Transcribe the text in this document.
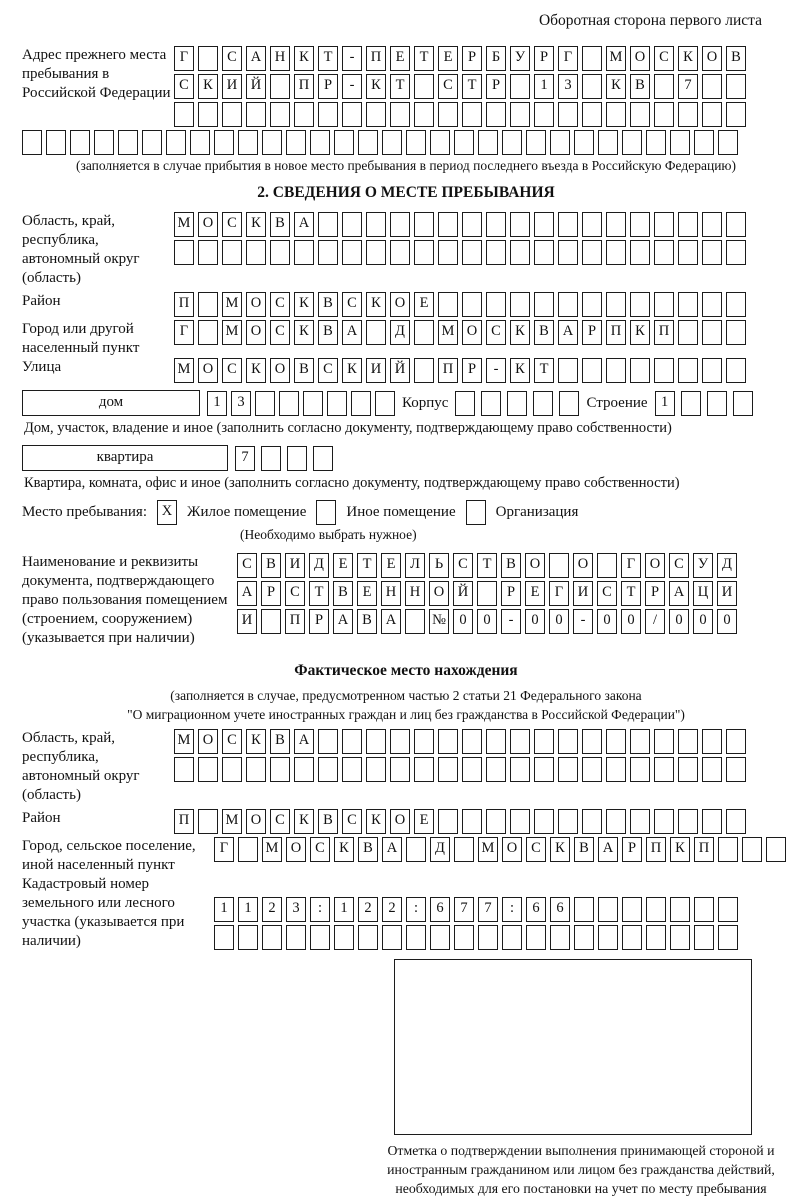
Оборотная сторона первого листа
Адрес прежнего места пребывания в Российской Федерации
Г	С А Н К	Т	-	П Е	Т	Е	Р	Б	У	Р	Г	М О С К О В
С К И Й	П	Р	-	К	Т	С	Т	Р	1	3	К В	7
(заполняется в случае прибытия в новое место пребывания в период последнего въезда в Российскую Федерацию)
2. СВЕДЕНИЯ О МЕСТЕ ПРЕБЫВАНИЯ
Область, край, республика, автономный округ (область)
М О С К В А
Район	П	М О С К В С К О Е
Город или другой населенный пункт
Г	М О С К В А	Д	М О С К В А	Р	П К П
Улица	М О С К О В С К И Й	П	Р	-	К	Т
дом	1	3	Корпус	Строение 1
Дом, участок, владение и иное (заполнить согласно документу, подтверждающему право собственности)
квартира	7
Квартира, комната, офис и иное (заполнить согласно документу, подтверждающему право собственности)
Место пребывания:	X Жилое помещение	Иное помещение	Организация
(Необходимо выбрать нужное)
Наименование и реквизиты документа, подтверждающего право пользования помещением (строением, сооружением) (указывается при наличии)
С В И Д	Е	Т	Е	Л	Ь	С	Т	В О	О	Г	О С У Д
А	Р	С	Т	В	Е Н Н О Й	Р	Е	Г	И С	Т	Р	А Ц И
И	П	Р	А В А	№ 0	0	-	0	0	-	0	0	/	0	0	0
Фактическое место нахождения
(заполняется в случае, предусмотренном частью 2 статьи 21 Федерального закона
"О миграционном учете иностранных граждан и лиц без гражданства в Российской Федерации")
Область, край, республика, автономный округ (область)
М О С К В А
Район	П	М О С К В С К О Е
Город, сельское поселение, иной населенный пункт
Г	М О С К В А	Д	М О С К В А	Р	П К П
Кадастровый номер земельного или лесного участка (указывается при наличии)
1	1	2	3	:	1	2	2	:	6	7	7	:	6	6
Отметка о подтверждении выполнения принимающей стороной и иностранным гражданином или лицом без гражданства действий, необходимых для его постановки на учет по месту пребывания
